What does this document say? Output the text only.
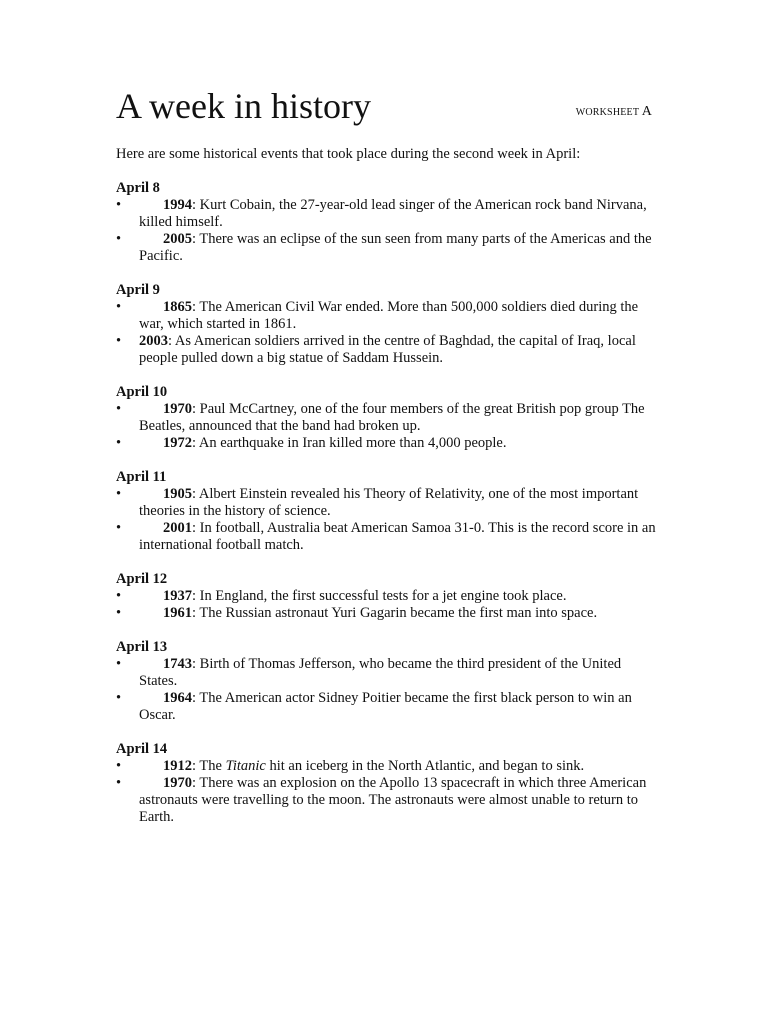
A week in history	WORKSHEET A

Here are some historical events that took place during the second week in April:

April 8
•	1994: Kurt Cobain, the 27-year-old lead singer of the American rock band Nirvana, killed himself.
•	2005: There was an eclipse of the sun seen from many parts of the Americas and the Pacific.
April 9
•	1865: The American Civil War ended. More than 500,000 soldiers died during the war, which started in 1861.
•	2003: As American soldiers arrived in the centre of Baghdad, the capital of Iraq, local people pulled down a big statue of Saddam Hussein.
April 10
•	1970: Paul McCartney, one of the four members of the great British pop group The Beatles, announced that the band had broken up.
•	1972: An earthquake in Iran killed more than 4,000 people.
April 11
•	1905: Albert Einstein revealed his Theory of Relativity, one of the most important theories in the history of science.
•	2001: In football, Australia beat American Samoa 31-0. This is the record score in an international football match.
April 12
•	1937: In England, the first successful tests for a jet engine took place.
•	1961: The Russian astronaut Yuri Gagarin became the first man into space.
April 13
•	1743: Birth of Thomas Jefferson, who became the third president of the United States.
•	1964: The American actor Sidney Poitier became the first black person to win an Oscar.
April 14
•	1912: The Titanic hit an iceberg in the North Atlantic, and began to sink.
•	1970: There was an explosion on the Apollo 13 spacecraft in which three American astronauts were travelling to the moon. The astronauts were almost unable to return to Earth.
